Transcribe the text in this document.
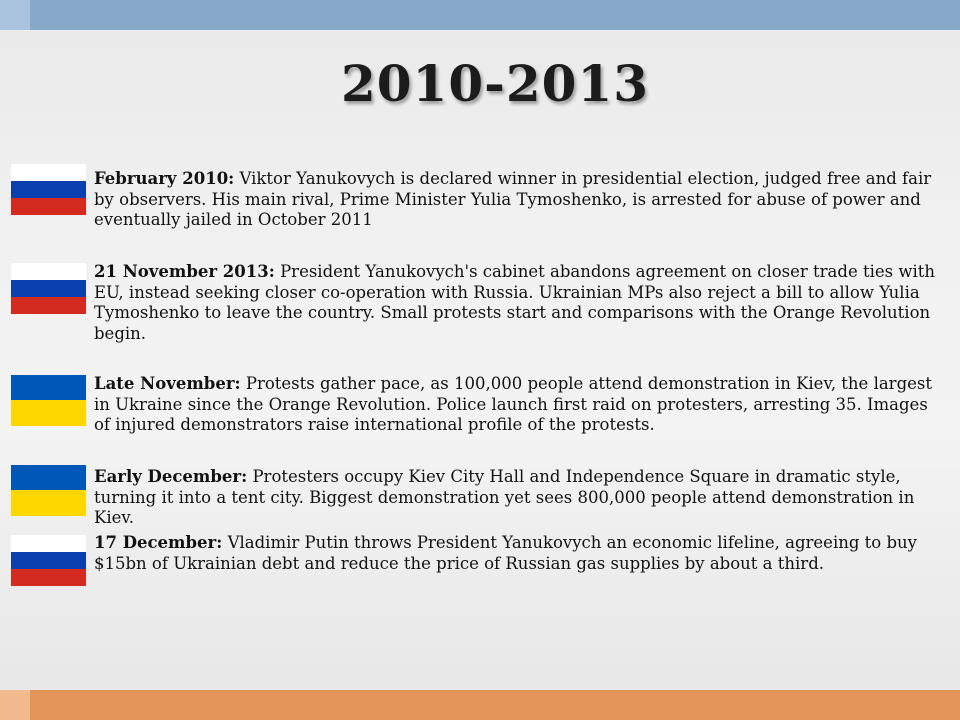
2010-2013
February 2010: Viktor Yanukovych is declared winner in presidential election, judged free and fair by observers. His main rival, Prime Minister Yulia Tymoshenko, is arrested for abuse of power and eventually jailed in October 2011
21 November 2013: President Yanukovych's cabinet abandons agreement on closer trade ties with EU, instead seeking closer co-operation with Russia. Ukrainian MPs also reject a bill to allow Yulia Tymoshenko to leave the country. Small protests start and comparisons with the Orange Revolution begin.
Late November: Protests gather pace, as 100,000 people attend demonstration in Kiev, the largest in Ukraine since the Orange Revolution. Police launch first raid on protesters, arresting 35. Images of injured demonstrators raise international profile of the protests.
Early December: Protesters occupy Kiev City Hall and Independence Square in dramatic style, turning it into a tent city. Biggest demonstration yet sees 800,000 people attend demonstration in Kiev.
17 December: Vladimir Putin throws President Yanukovych an economic lifeline, agreeing to buy $15bn of Ukrainian debt and reduce the price of Russian gas supplies by about a third.
